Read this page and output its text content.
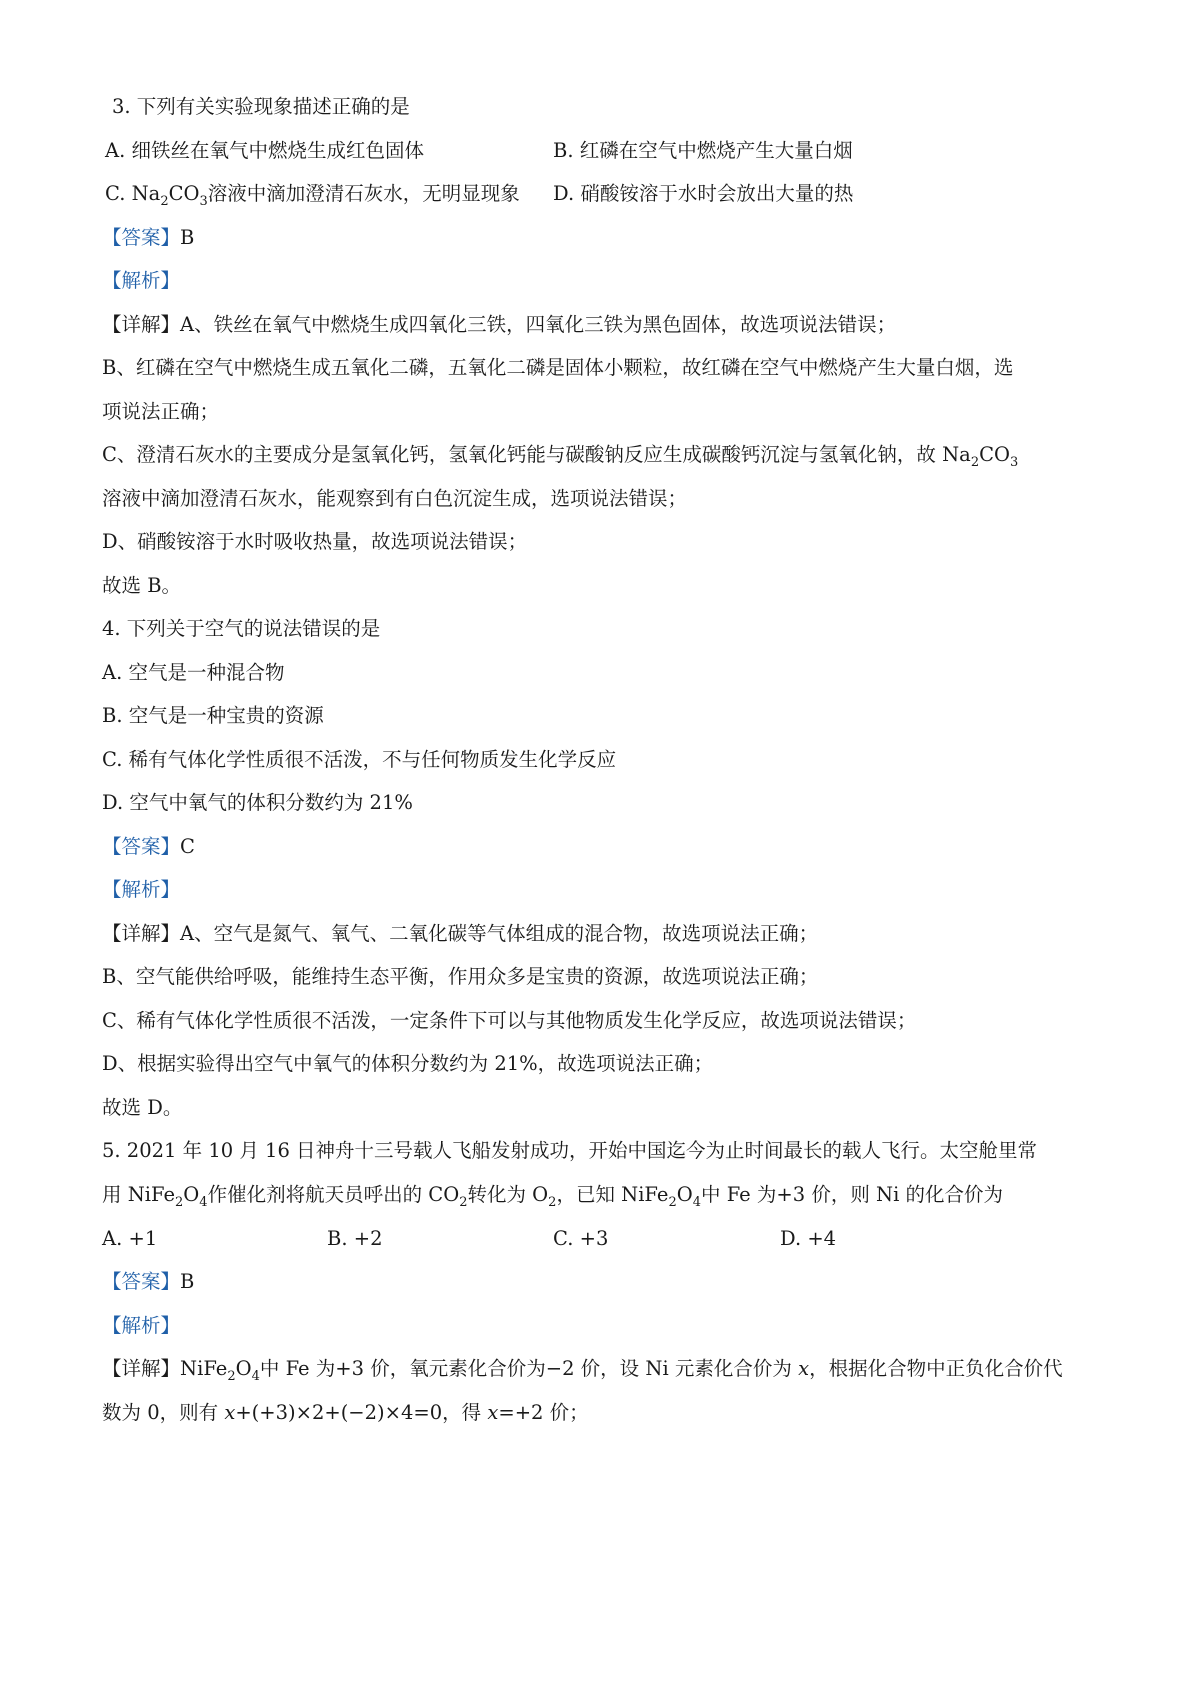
3. 下列有关实验现象描述正确的是
A. 细铁丝在氧气中燃烧生成红色固体	B. 红磷在空气中燃烧产生大量白烟
C. $Na_2CO_3$溶液中滴加澄清石灰水，无明显现象 D. 硝酸铵溶于水时会放出大量的热
【答案】B
【解析】
【详解】A、铁丝在氧气中燃烧生成四氧化三铁，四氧化三铁为黑色固体，故选项说法错误；
B、红磷在空气中燃烧生成五氧化二磷，五氧化二磷是固体小颗粒，故红磷在空气中燃烧产生大量白烟，选
项说法正确；
C、澄清石灰水的主要成分是氢氧化钙，氢氧化钙能与碳酸钠反应生成碳酸钙沉淀与氢氧化钠，故 $Na_2CO_3$
溶液中滴加澄清石灰水，能观察到有白色沉淀生成，选项说法错误；
D、硝酸铵溶于水时吸收热量，故选项说法错误；
故选 B。
4. 下列关于空气的说法错误的是
A. 空气是一种混合物
B. 空气是一种宝贵的资源
C. 稀有气体化学性质很不活泼，不与任何物质发生化学反应
D. 空气中氧气的体积分数约为 21%
【答案】C
【解析】
【详解】A、空气是氮气、氧气、二氧化碳等气体组成的混合物，故选项说法正确；
B、空气能供给呼吸，能维持生态平衡，作用众多是宝贵的资源，故选项说法正确；
C、稀有气体化学性质很不活泼，一定条件下可以与其他物质发生化学反应，故选项说法错误；
D、根据实验得出空气中氧气的体积分数约为 21%，故选项说法正确；
故选 D。
5. 2021 年 10 月 16 日神舟十三号载人飞船发射成功，开始中国迄今为止时间最长的载人飞行。太空舱里常
用 $NiFe_2O_4$作催化剂将航天员呼出的 $CO_2$转化为 $O_2$，已知 $NiFe_2O_4$中 Fe 为+3 价，则 Ni 的化合价为
A. +1	B. +2	C. +3	D. +4
【答案】B
【解析】
【详解】$NiFe_2O_4$中 Fe 为+3 价，氧元素化合价为−2 价，设 Ni 元素化合价为 x，根据化合物中正负化合价代
数为 0，则有 x+(+3)×2+(−2)×4=0，得 x=+2 价；
